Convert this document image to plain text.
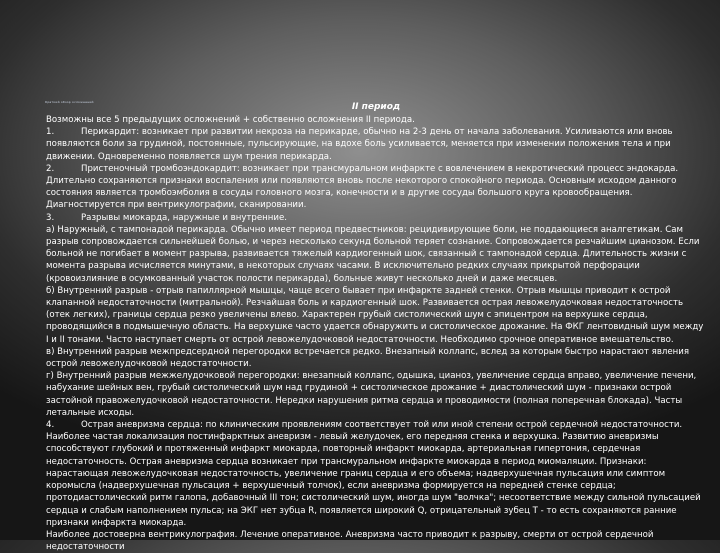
Краткий обзор осложнений	II период

Возможны все 5 предыдущих осложнений + собственно осложнения II периода.

1.	Перикардит: возникает при развитии некроза на перикарде, обычно на 2-3 день от начала заболевания. Усиливаются или вновь появляются боли за грудиной, постоянные, пульсирующие, на вдохе боль усиливается, меняется при изменении положения тела и при движении. Одновременно появляется шум трения перикарда.

2.	Пристеночный тромбоэндокардит: возникает при трансмуральном инфаркте с вовлечением в некротический процесс эндокарда. Длительно сохраняются признаки воспаления или появляются вновь после некоторого спокойного периода. Основным исходом данного состояния является тромбоэмболия в сосуды головного мозга, конечности и в другие сосуды большого круга кровообращения. Диагностируется при вентрикулографии, сканировании.

3.	Разрывы миокарда, наружные и внутренние.

а) Наружный, с тампонадой перикарда. Обычно имеет период предвестников: рецидивирующие боли, не поддающиеся аналгетикам. Сам разрыв сопровождается сильнейшей болью, и через несколько секунд больной теряет сознание. Сопровождается резчайшим цианозом. Если больной не погибает в момент разрыва, развивается тяжелый кардиогенный шок, связанный с тампонадой сердца. Длительность жизни с момента разрыва исчисляется минутами, в некоторых случаях часами. В исключительно редких случаях прикрытой перфорации (кровоизлияние в осумкованный участок полости перикарда), больные живут несколько дней и даже месяцев.

б) Внутренний разрыв - отрыв папиллярной мышцы, чаще всего бывает при инфаркте задней стенки. Отрыв мышцы приводит к острой клапанной недостаточности (митральной). Резчайшая боль и кардиогенный шок. Развивается острая левожелудочковая недостаточность (отек легких), границы сердца резко увеличены влево. Характерен грубый систолический шум с эпицентром на верхушке сердца, проводящийся в подмышечную область. На верхушке часто удается обнаружить и систолическое дрожание. На ФКГ лентовидный шум между I и II тонами. Часто наступает смерть от острой левожелудочковой недостаточности. Необходимо срочное оперативное вмешательство.

в) Внутренний разрыв межпредсердной перегородки встречается редко. Внезапный коллапс, вслед за которым быстро нарастают явления острой левожелудочковой недостаточности.

г) Внутренний разрыв межжелудочковой перегородки: внезапный коллапс, одышка, цианоз, увеличение сердца вправо, увеличение печени, набухание шейных вен, грубый систолический шум над грудиной + систолическое дрожание + диастолический шум - признаки острой застойной правожелудочковой недостаточности. Нередки нарушения ритма сердца и проводимости (полная поперечная блокада). Часты летальные исходы.

4.	Острая аневризма сердца: по клиническим проявлениям соответствует той или иной степени острой сердечной недостаточности. Наиболее частая локализация постинфарктных аневризм - левый желудочек, его передняя стенка и верхушка. Развитию аневризмы способствуют глубокий и протяженный инфаркт миокарда, повторный инфаркт миокарда, артериальная гипертония, сердечная недостаточность. Острая аневризма сердца возникает при трансмуральном инфаркте миокарда в период миомаляции. Признаки: нарастающая левожелудочковая недостаточность, увеличение границ сердца и его объема; надверхушечная пульсация или симптом коромысла (надверхушечная пульсация + верхушечный толчок), если аневризма формируется на передней стенке сердца; протодиастолический ритм галопа, добавочный III тон; систолический шум, иногда шум "волчка"; несоответствие между сильной пульсацией сердца и слабым наполнением пульса; на ЭКГ нет зубца R, появляется широкий Q, отрицательный зубец T - то есть сохраняются ранние признаки инфаркта миокарда.

Наиболее достоверна вентрикулография. Лечение оперативное. Аневризма часто приводит к разрыву, смерти от острой сердечной недостаточности
